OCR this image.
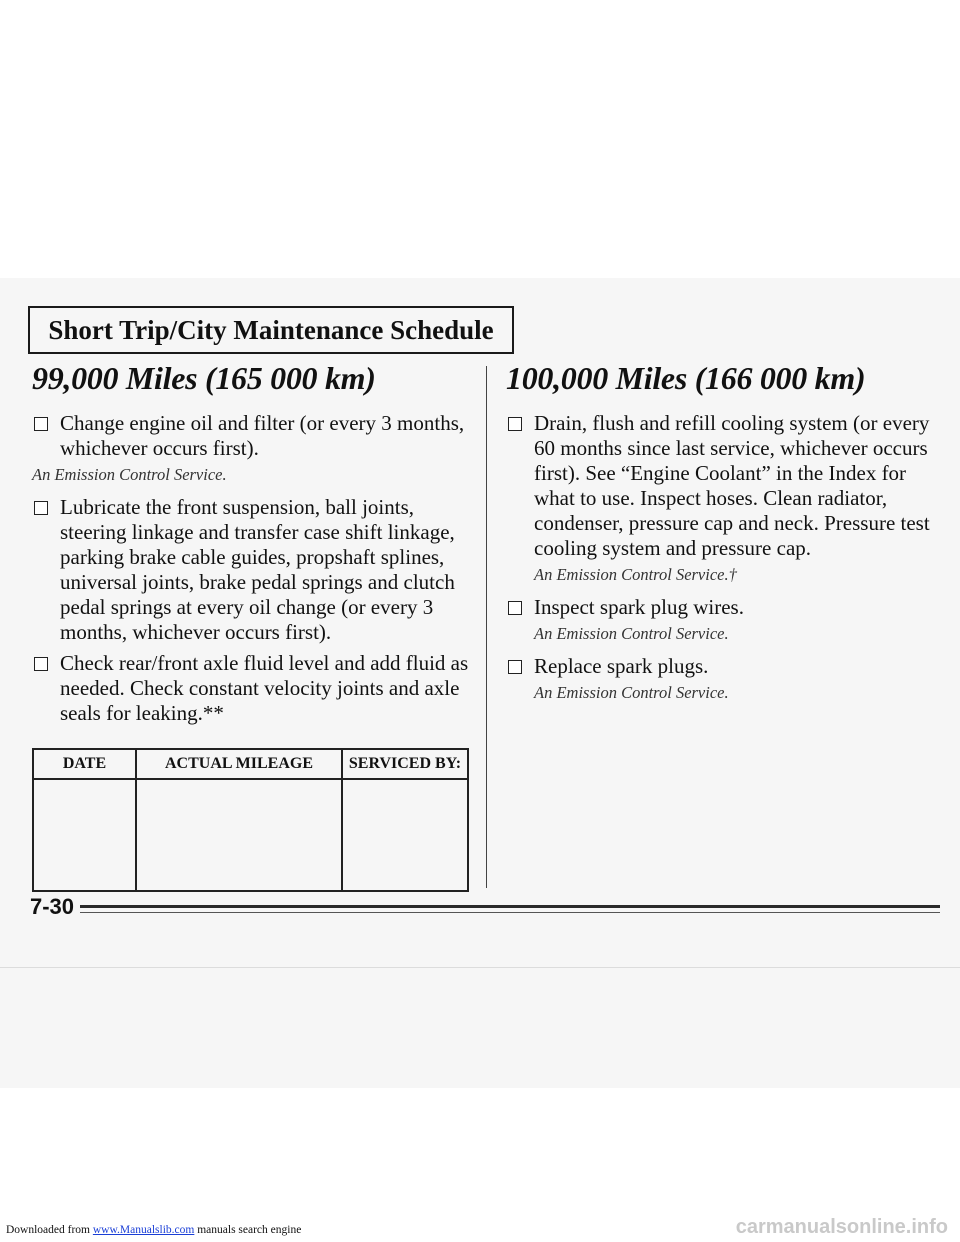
Short Trip/City Maintenance Schedule
99,000 Miles (165 000 km)
Change engine oil and filter (or every 3 months, whichever occurs first).
An Emission Control Service.
Lubricate the front suspension, ball joints, steering linkage and transfer case shift linkage, parking brake cable guides, propshaft splines, universal joints, brake pedal springs and clutch pedal springs at every oil change (or every 3 months, whichever occurs first).
Check rear/front axle fluid level and add fluid as needed. Check constant velocity joints and axle seals for leaking.**
DATE	ACTUAL MILEAGE	SERVICED BY:

100,000 Miles (166 000 km)
Drain, flush and refill cooling system (or every 60 months since last service, whichever occurs first). See “Engine Coolant” in the Index for what to use. Inspect hoses. Clean radiator, condenser, pressure cap and neck. Pressure test cooling system and pressure cap.
An Emission Control Service.†
Inspect spark plug wires.
An Emission Control Service.
Replace spark plugs.
An Emission Control Service.
7-30
Downloaded from www.Manualslib.com manuals search engine	carmanualsonline.info
